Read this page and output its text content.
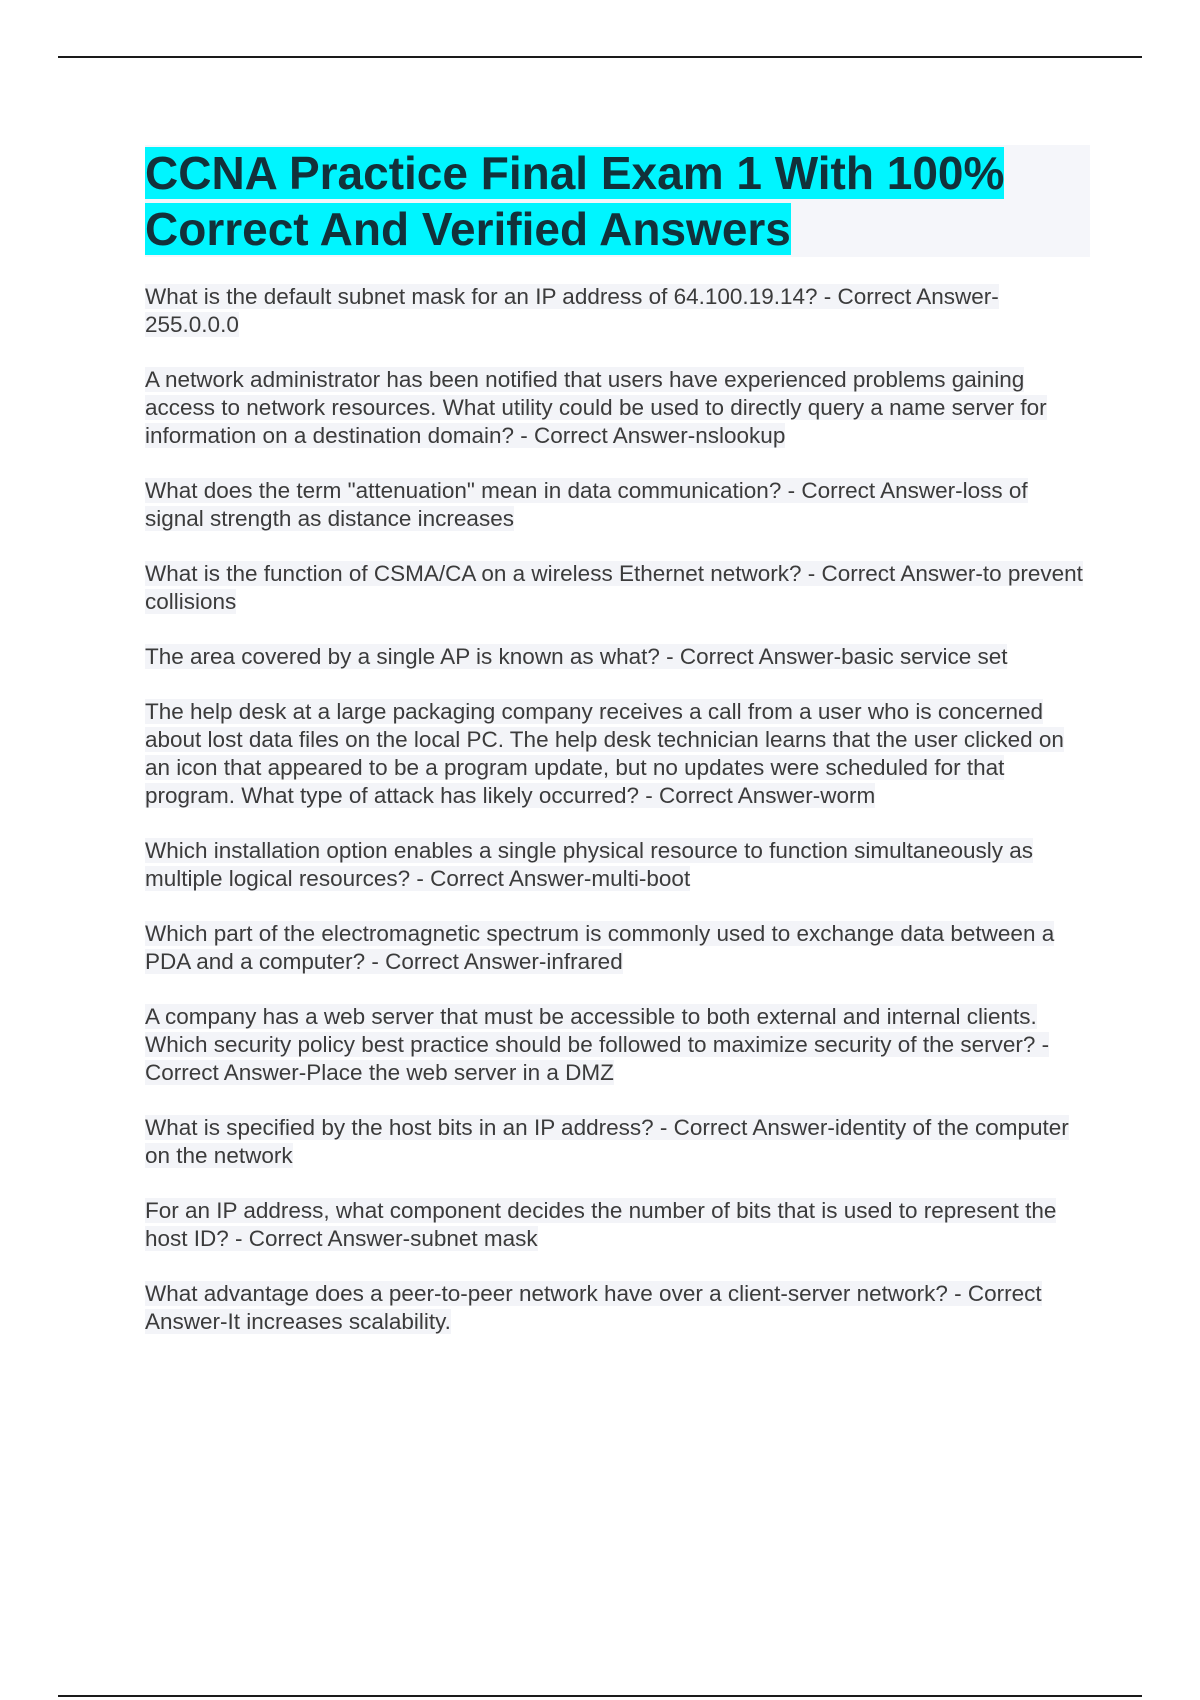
CCNA Practice Final Exam 1 With 100% Correct And Verified Answers
What is the default subnet mask for an IP address of 64.100.19.14? - Correct Answer-255.0.0.0
A network administrator has been notified that users have experienced problems gaining access to network resources. What utility could be used to directly query a name server for information on a destination domain? - Correct Answer-nslookup
What does the term "attenuation" mean in data communication? - Correct Answer-loss of signal strength as distance increases
What is the function of CSMA/CA on a wireless Ethernet network? - Correct Answer-to prevent collisions
The area covered by a single AP is known as what? - Correct Answer-basic service set
The help desk at a large packaging company receives a call from a user who is concerned about lost data files on the local PC. The help desk technician learns that the user clicked on an icon that appeared to be a program update, but no updates were scheduled for that program. What type of attack has likely occurred? - Correct Answer-worm
Which installation option enables a single physical resource to function simultaneously as multiple logical resources? - Correct Answer-multi-boot
Which part of the electromagnetic spectrum is commonly used to exchange data between a PDA and a computer? - Correct Answer-infrared
A company has a web server that must be accessible to both external and internal clients. Which security policy best practice should be followed to maximize security of the server? - Correct Answer-Place the web server in a DMZ
What is specified by the host bits in an IP address? - Correct Answer-identity of the computer on the network
For an IP address, what component decides the number of bits that is used to represent the host ID? - Correct Answer-subnet mask
What advantage does a peer-to-peer network have over a client-server network? - Correct Answer-It increases scalability.
